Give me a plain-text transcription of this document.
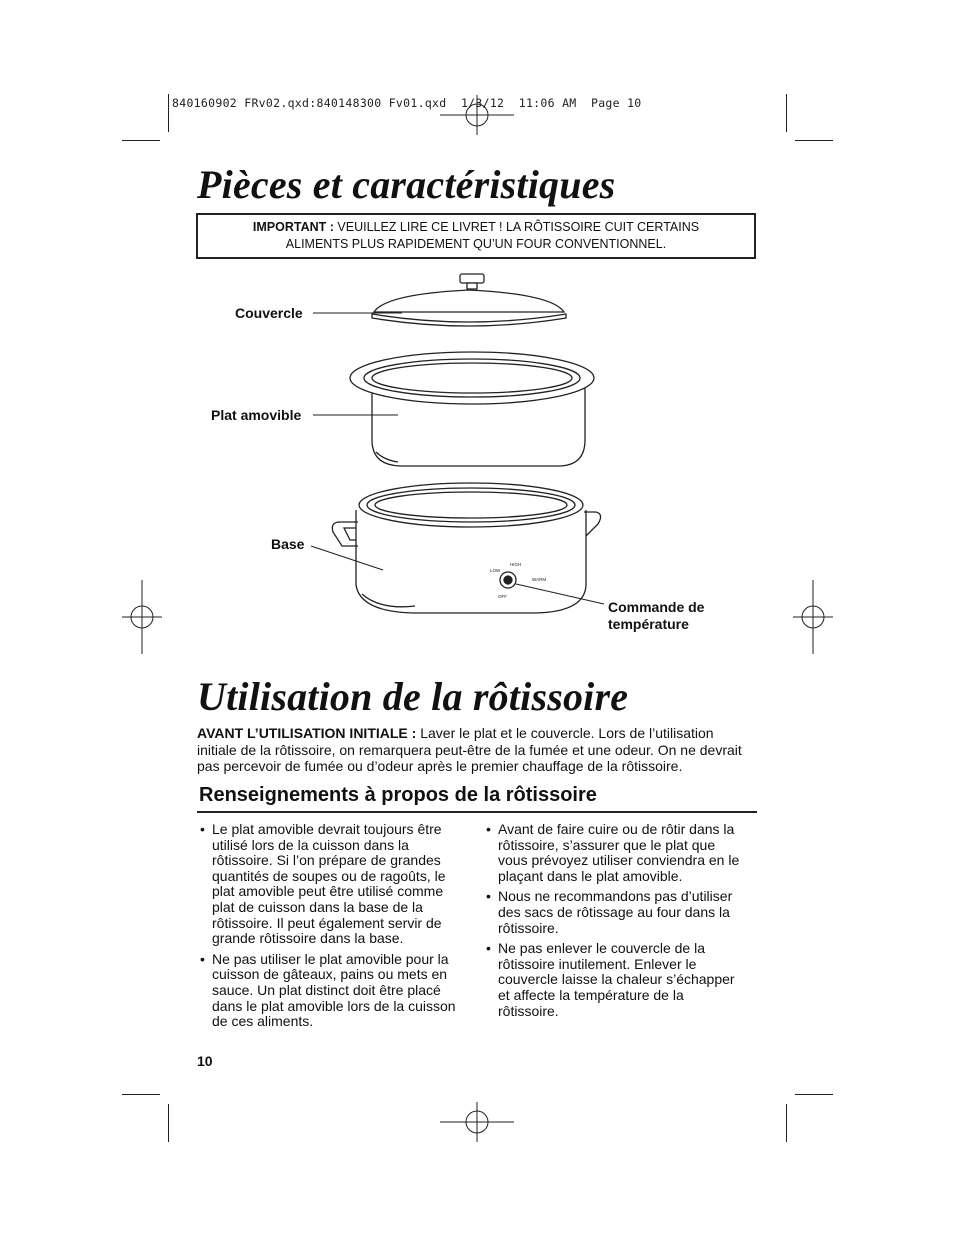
840160902 FRv02.qxd:840148300 Fv01.qxd  1/3/12  11:06 AM  Page 10
Pièces et caractéristiques
IMPORTANT : VEUILLEZ LIRE CE LIVRET ! LA RÔTISSOIRE CUIT CERTAINS
ALIMENTS PLUS RAPIDEMENT QU’UN FOUR CONVENTIONNEL.
LOW
HIGH
WARM
OFF
Couvercle
Plat amovible
Base
Commande de
température
Utilisation de la rôtissoire
AVANT L’UTILISATION INITIALE : Laver le plat et le couvercle. Lors de l’utilisation initiale de la rôtissoire, on remarquera peut-être de la fumée et une odeur. On ne devrait pas percevoir de fumée ou d’odeur après le premier chauffage de la rôtissoire.
Renseignements à propos de la rôtissoire
• Le plat amovible devrait toujours être utilisé lors de la cuisson dans la rôtissoire. Si l’on prépare de grandes quantités de soupes ou de ragoûts, le plat amovible peut être utilisé comme plat de cuisson dans la base de la rôtissoire. Il peut également servir de grande rôtissoire dans la base.
• Ne pas utiliser le plat amovible pour la cuisson de gâteaux, pains ou mets en sauce. Un plat distinct doit être placé dans le plat amovible lors de la cuisson de ces aliments.
• Avant de faire cuire ou de rôtir dans la rôtissoire, s’assurer que le plat que vous prévoyez utiliser conviendra en le plaçant dans le plat amovible.
• Nous ne recommandons pas d’utiliser des sacs de rôtissage au four dans la rôtissoire.
• Ne pas enlever le couvercle de la rôtissoire inutilement. Enlever le couvercle laisse la chaleur s’échapper et affecte la température de la rôtissoire.
10
